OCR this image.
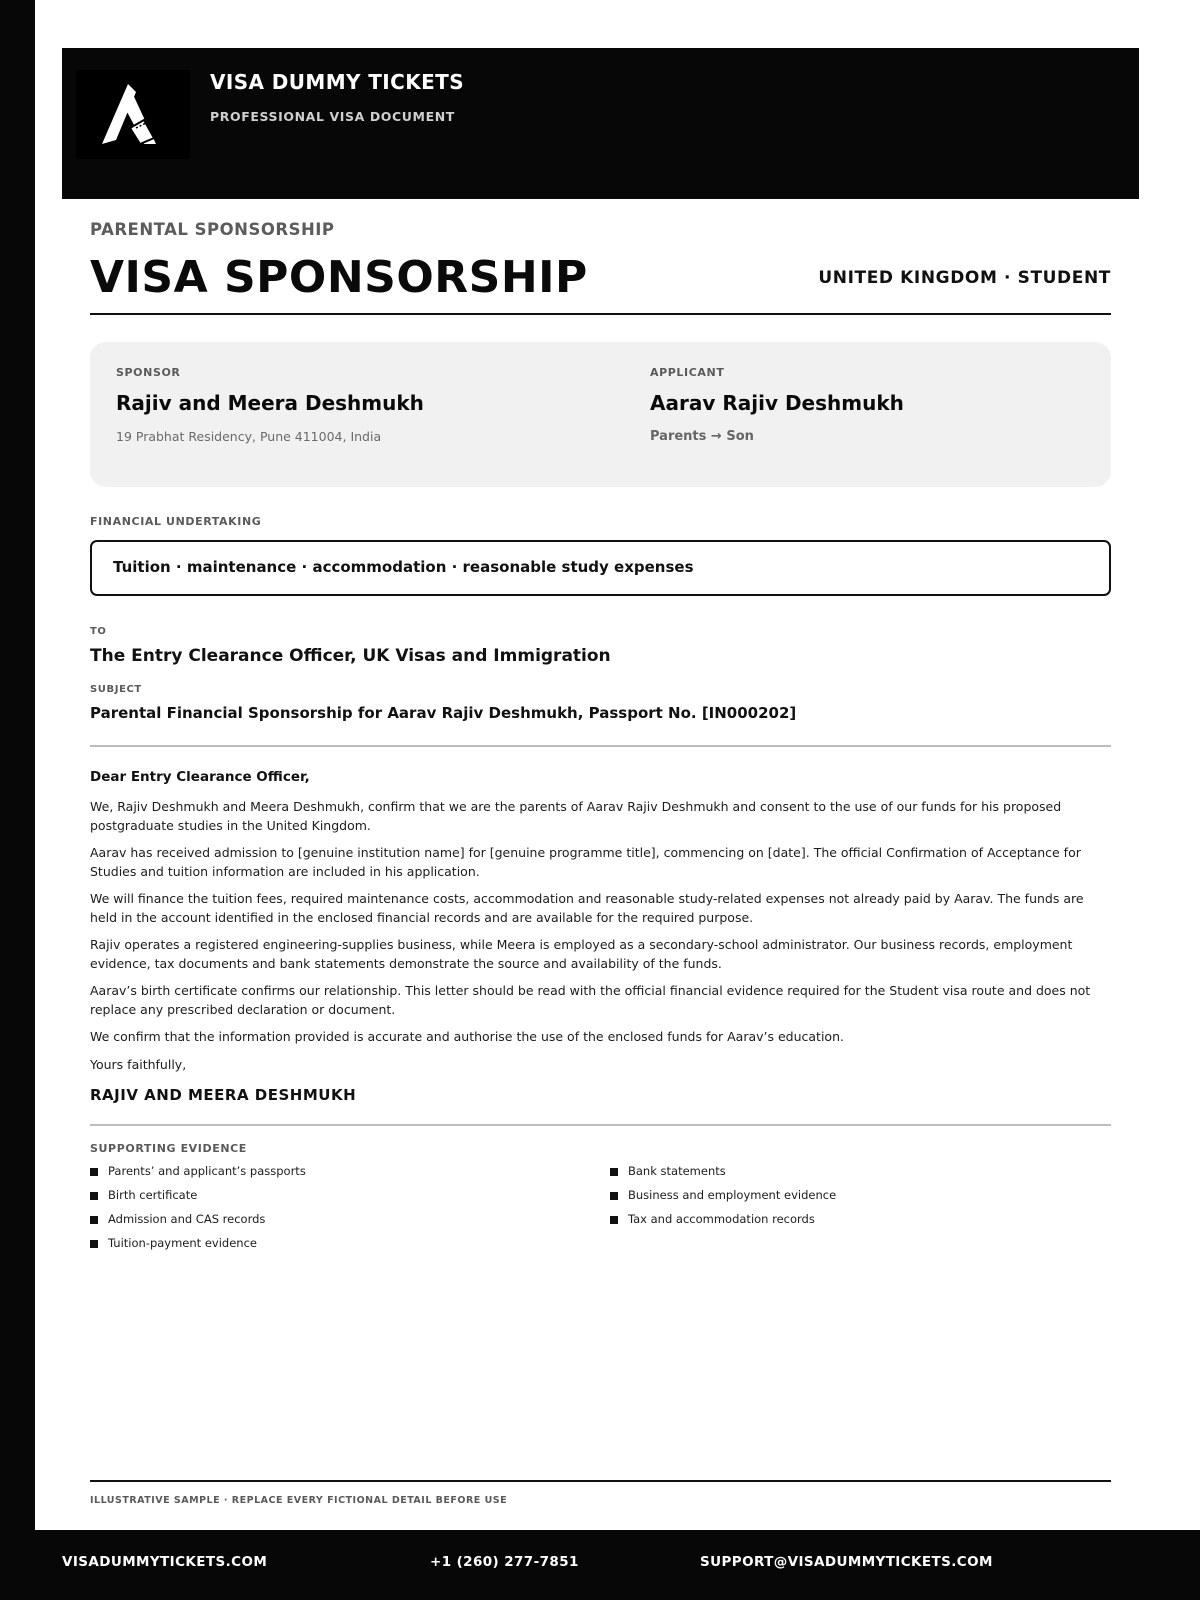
VISA DUMMY TICKETS
PROFESSIONAL VISA DOCUMENT
PARENTAL SPONSORSHIP
VISA SPONSORSHIP	UNITED KINGDOM · STUDENT
SPONSOR
Rajiv and Meera Deshmukh
19 Prabhat Residency, Pune 411004, India
APPLICANT
Aarav Rajiv Deshmukh
Parents → Son
FINANCIAL UNDERTAKING
Tuition · maintenance · accommodation · reasonable study expenses
TO
The Entry Clearance Officer, UK Visas and Immigration
SUBJECT
Parental Financial Sponsorship for Aarav Rajiv Deshmukh, Passport No. [IN000202]
Dear Entry Clearance Officer,

We, Rajiv Deshmukh and Meera Deshmukh, confirm that we are the parents of Aarav Rajiv Deshmukh and consent to the use of our funds for his proposed postgraduate studies in the United Kingdom.

Aarav has received admission to [genuine institution name] for [genuine programme title], commencing on [date]. The official Confirmation of Acceptance for Studies and tuition information are included in his application.

We will finance the tuition fees, required maintenance costs, accommodation and reasonable study-related expenses not already paid by Aarav. The funds are held in the account identified in the enclosed financial records and are available for the required purpose.

Rajiv operates a registered engineering-supplies business, while Meera is employed as a secondary-school administrator. Our business records, employment evidence, tax documents and bank statements demonstrate the source and availability of the funds.

Aarav’s birth certificate confirms our relationship. This letter should be read with the official financial evidence required for the Student visa route and does not replace any prescribed declaration or document.

We confirm that the information provided is accurate and authorise the use of the enclosed funds for Aarav’s education.

Yours faithfully,

RAJIV AND MEERA DESHMUKH
SUPPORTING EVIDENCE
Parents’ and applicant’s passports
Birth certificate
Admission and CAS records
Tuition-payment evidence
Bank statements
Business and employment evidence
Tax and accommodation records
ILLUSTRATIVE SAMPLE · REPLACE EVERY FICTIONAL DETAIL BEFORE USE
VISADUMMYTICKETS.COM	+1 (260) 277-7851	SUPPORT@VISADUMMYTICKETS.COM
